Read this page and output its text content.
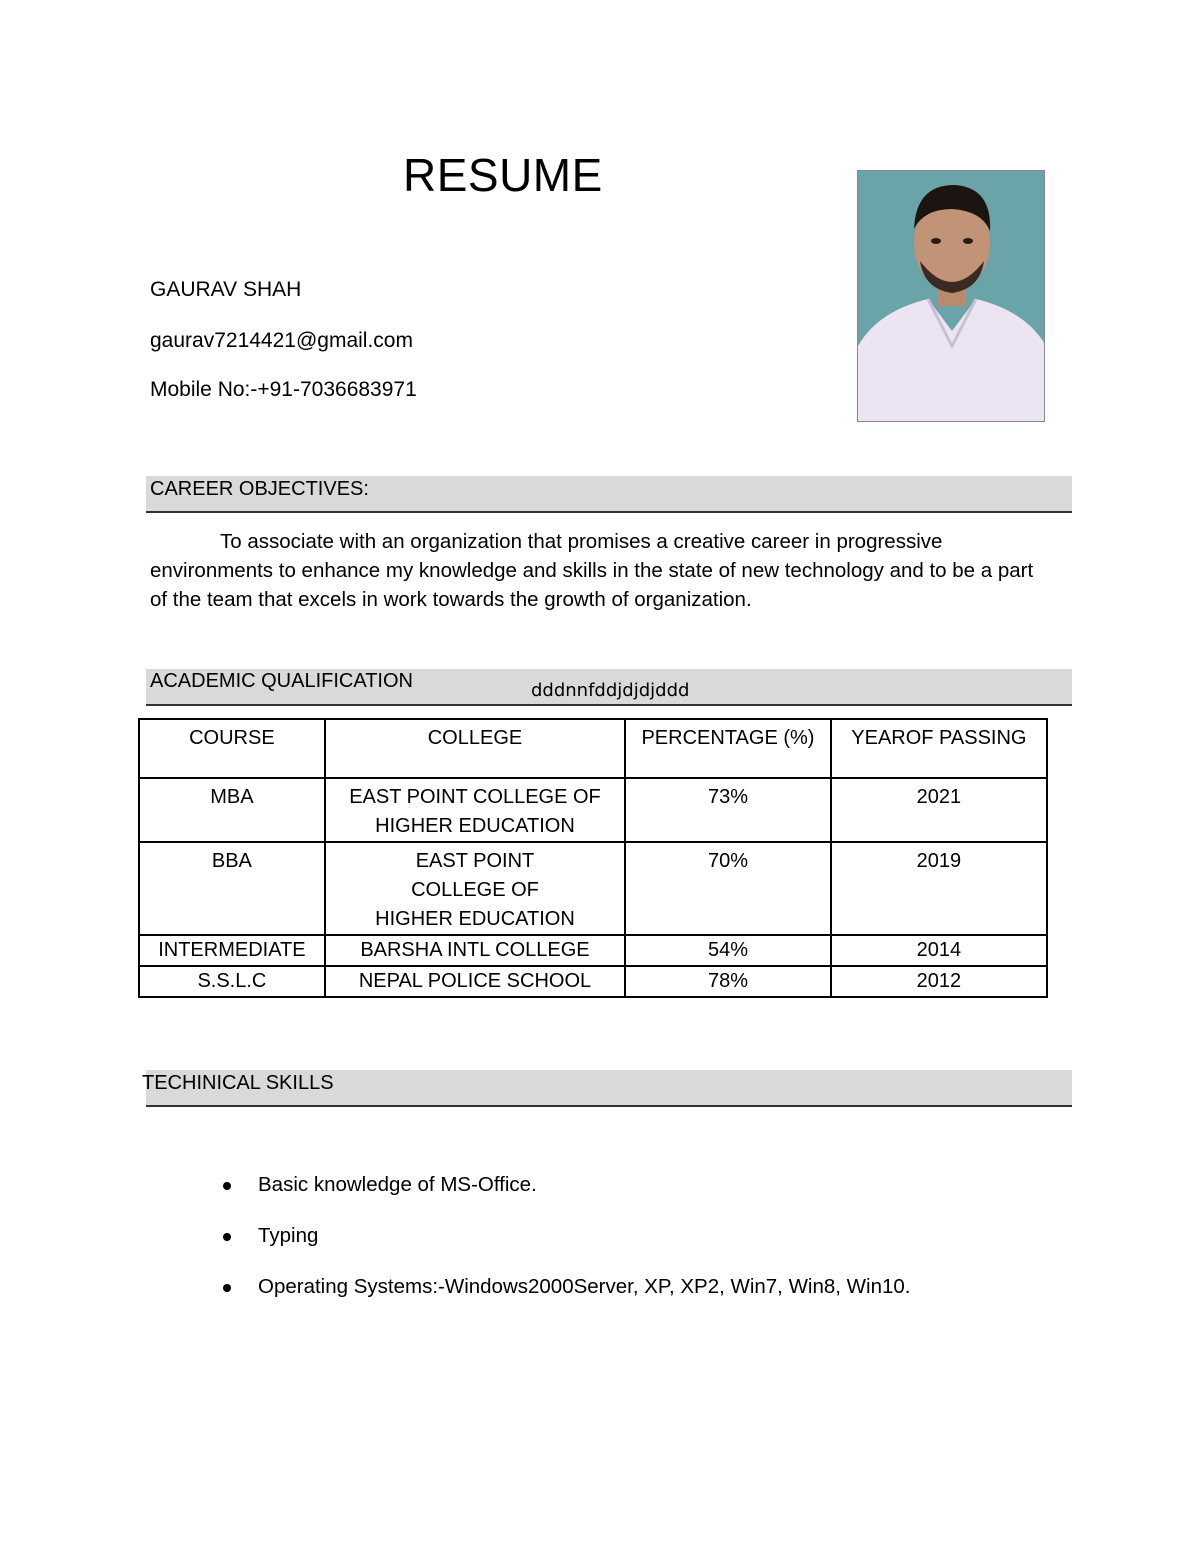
RESUME
GAURAV SHAH
gaurav7214421@gmail.com
Mobile No:-+91-7036683971
CAREER OBJECTIVES:
To associate with an organization that promises a creative career in progressive environments to enhance my knowledge and skills in the state of new technology and to be a part of the team that excels in work towards the growth of organization.
ACADEMIC QUALIFICATION	dddnnfddjdjdjddd
COURSE	COLLEGE	PERCENTAGE (%)	YEAROF PASSING
MBA	EAST POINT COLLEGE OF HIGHER EDUCATION	73%	2021
BBA	EAST POINT COLLEGE OF HIGHER EDUCATION	70%	2019
INTERMEDIATE	BARSHA INTL COLLEGE	54%	2014
S.S.L.C	NEPAL POLICE SCHOOL	78%	2012
TECHINICAL SKILLS
Basic knowledge of MS-Office.
Typing
Operating Systems:-Windows2000Server, XP, XP2, Win7, Win8, Win10.
